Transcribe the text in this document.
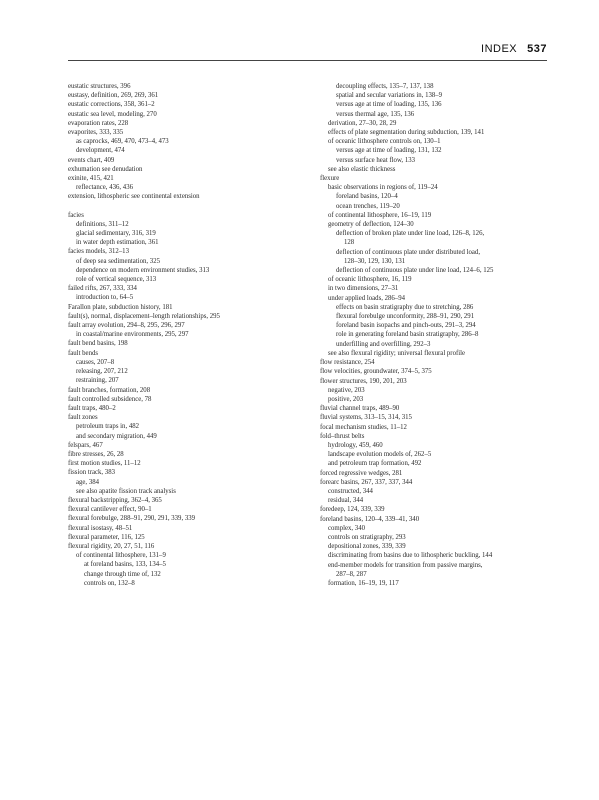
INDEX 537
eustatic structures, 396
eustasy, definition, 269, 269, 361
eustatic corrections, 358, 361–2
eustatic sea level, modeling, 270
evaporation rates, 228
evaporites, 333, 335
as caprocks, 469, 470, 473–4, 473
development, 474
events chart, 409
exhumation see denudation
exinite, 415, 421
reflectance, 436, 436
extension, lithospheric see continental extension
facies
definitions, 311–12
glacial sedimentary, 316, 319
in water depth estimation, 361
facies models, 312–13
of deep sea sedimentation, 325
dependence on modern environment studies, 313
role of vertical sequence, 313
failed rifts, 267, 333, 334
introduction to, 64–5
Farallon plate, subduction history, 181
fault(s), normal, displacement–length relationships, 295
fault array evolution, 294–8, 295, 296, 297
in coastal/marine environments, 295, 297
fault bend basins, 198
fault bends
causes, 207–8
releasing, 207, 212
restraining, 207
fault branches, formation, 208
fault controlled subsidence, 78
fault traps, 480–2
fault zones
petroleum traps in, 482
and secondary migration, 449
felspars, 467
fibre stresses, 26, 28
first motion studies, 11–12
fission track, 383
age, 384
see also apatite fission track analysis
flexural backstripping, 362–4, 365
flexural cantilever effect, 90–1
flexural forebulge, 288–91, 290, 291, 339, 339
flexural isostasy, 48–51
flexural parameter, 116, 125
flexural rigidity, 20, 27, 51, 116
of continental lithosphere, 131–9
at foreland basins, 133, 134–5
change through time of, 132
controls on, 132–8
decoupling effects, 135–7, 137, 138
spatial and secular variations in, 138–9
versus age at time of loading, 135, 136
versus thermal age, 135, 136
derivation, 27–30, 28, 29
effects of plate segmentation during subduction, 139, 141
of oceanic lithosphere controls on, 130–1
versus age at time of loading, 131, 132
versus surface heat flow, 133
see also elastic thickness
flexure
basic observations in regions of, 119–24
foreland basins, 120–4
ocean trenches, 119–20
of continental lithosphere, 16–19, 119
geometry of deflection, 124–30
deflection of broken plate under line load, 126–8, 126,
128
deflection of continuous plate under distributed load,
128–30, 129, 130, 131
deflection of continuous plate under line load, 124–6, 125
of oceanic lithosphere, 16, 119
in two dimensions, 27–31
under applied loads, 286–94
effects on basin stratigraphy due to stretching, 286
flexural forebulge unconformity, 288–91, 290, 291
foreland basin isopachs and pinch-outs, 291–3, 294
role in generating foreland basin stratigraphy, 286–8
underfilling and overfilling, 292–3
see also flexural rigidity; universal flexural profile
flow resistance, 254
flow velocities, groundwater, 374–5, 375
flower structures, 190, 201, 203
negative, 203
positive, 203
fluvial channel traps, 489–90
fluvial systems, 313–15, 314, 315
focal mechanism studies, 11–12
fold–thrust belts
hydrology, 459, 460
landscape evolution models of, 262–5
and petroleum trap formation, 492
forced regressive wedges, 281
forearc basins, 267, 337, 337, 344
constructed, 344
residual, 344
foredeep, 124, 339, 339
foreland basins, 120–4, 339–41, 340
complex, 340
controls on stratigraphy, 293
depositional zones, 339, 339
discriminating from basins due to lithospheric buckling, 144
end-member models for transition from passive margins,
287–8, 287
formation, 16–19, 19, 117
